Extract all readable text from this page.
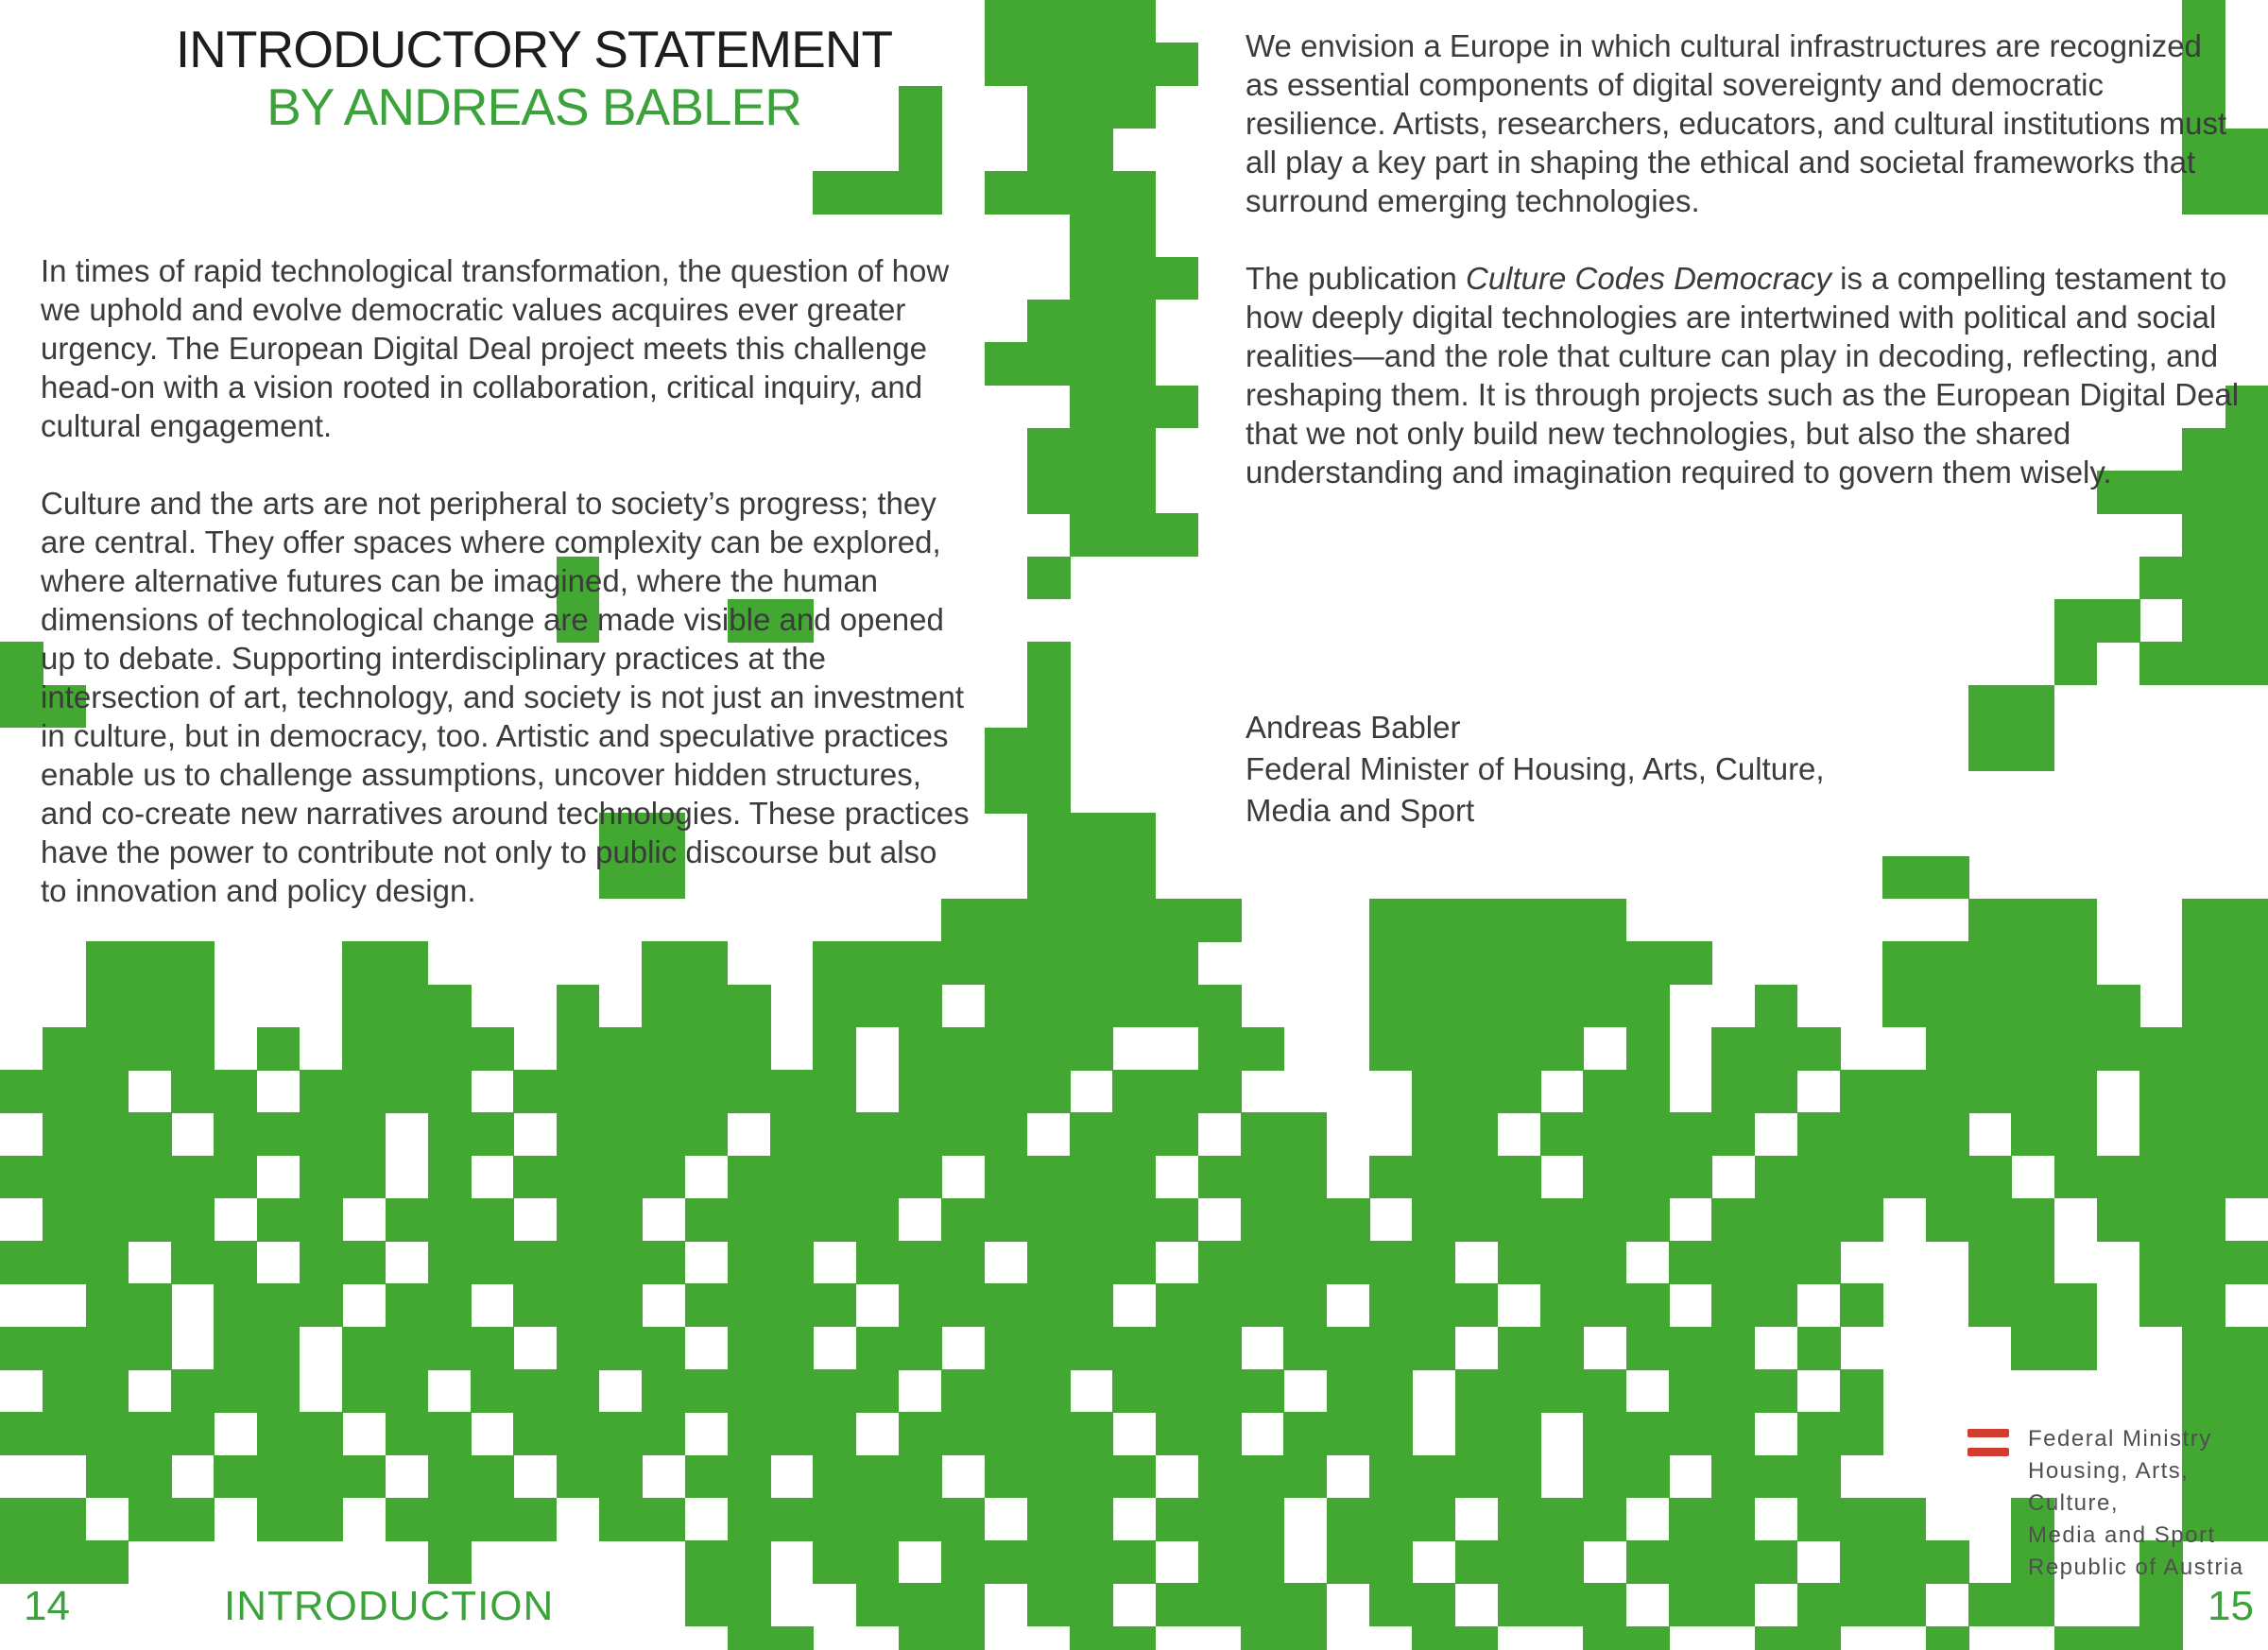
INTRODUCTORY STATEMENT
BY ANDREAS BABLER

In times of rapid technological transformation, the question of how we uphold and evolve democratic values acquires ever greater urgency. The European Digital Deal project meets this challenge head-on with a vision rooted in collaboration, critical inquiry, and cultural engagement.

Culture and the arts are not peripheral to society’s progress; they are central. They offer spaces where complexity can be explored, where alternative futures can be imagined, where the human dimensions of technological change are made visible and opened up to debate. Supporting interdisciplinary practices at the intersection of art, technology, and society is not just an investment in culture, but in democracy, too. Artistic and speculative practices enable us to challenge assumptions, uncover hidden structures, and co-create new narratives around technologies. These practices have the power to contribute not only to public discourse but also to innovation and policy design.

14	INTRODUCTION

We envision a Europe in which cultural infrastructures are recognized as essential components of digital sovereignty and democratic resilience. Artists, researchers, educators, and cultural institutions must all play a key part in shaping the ethical and societal frameworks that surround emerging technologies.

The publication Culture Codes Democracy is a compelling testament to how deeply digital technologies are intertwined with political and social realities—and the role that culture can play in decoding, reflecting, and reshaping them. It is through projects such as the European Digital Deal that we not only build new technologies, but also the shared understanding and imagination required to govern them wisely.

Andreas Babler
Federal Minister of Housing, Arts, Culture,
Media and Sport
Federal Ministry
Housing, Arts, Culture,
Media and Sport
Republic of Austria
15
